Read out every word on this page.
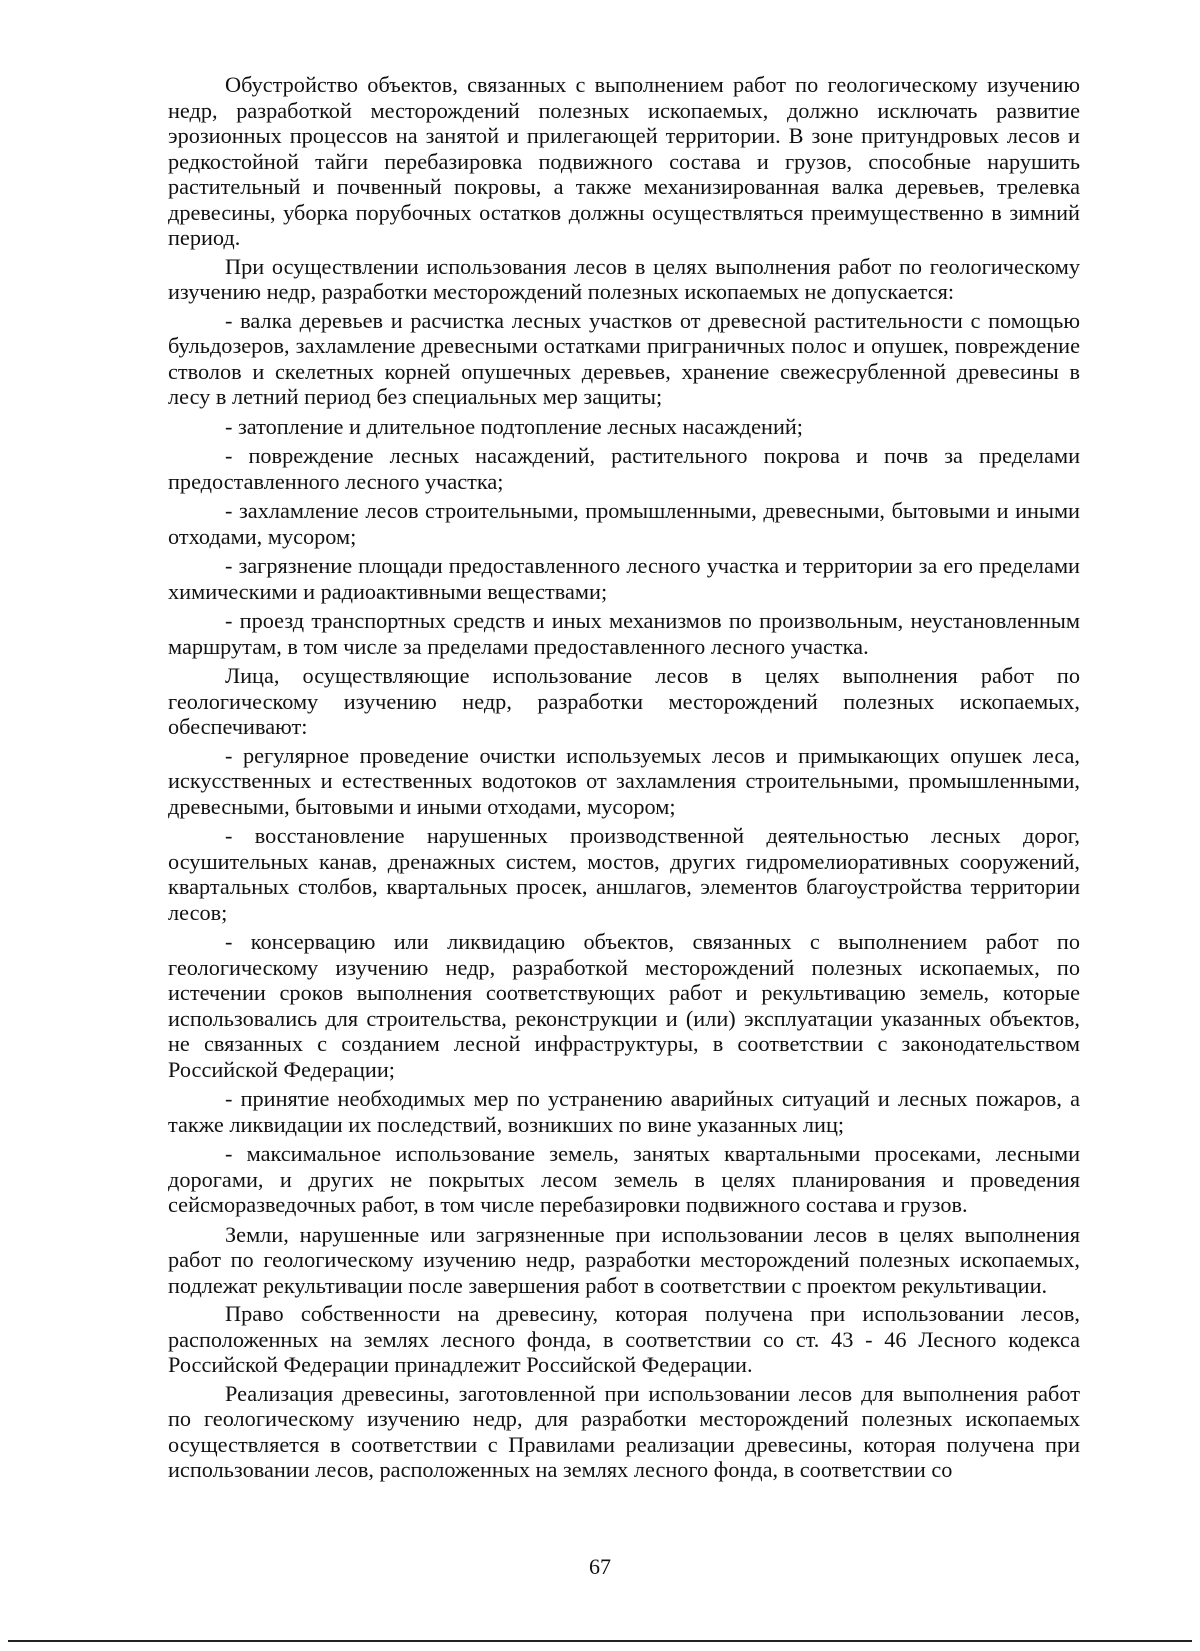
Обустройство объектов, связанных с выполнением работ по геологическому изучению недр, разработкой месторождений полезных ископаемых, должно исключать развитие эрозионных процессов на занятой и прилегающей территории. В зоне притундровых лесов и редкостойной тайги перебазировка подвижного состава и грузов, способные нарушить растительный и почвенный покровы, а также механизированная валка деревьев, трелевка древесины, уборка порубочных остатков должны осуществляться преимущественно в зимний период.

При осуществлении использования лесов в целях выполнения работ по геологическому изучению недр, разработки месторождений полезных ископаемых не допускается:

- валка деревьев и расчистка лесных участков от древесной растительности с помощью бульдозеров, захламление древесными остатками приграничных полос и опушек, повреждение стволов и скелетных корней опушечных деревьев, хранение свежесрубленной древесины в лесу в летний период без специальных мер защиты;

- затопление и длительное подтопление лесных насаждений;

- повреждение лесных насаждений, растительного покрова и почв за пределами предоставленного лесного участка;

- захламление лесов строительными, промышленными, древесными, бытовыми и иными отходами, мусором;

- загрязнение площади предоставленного лесного участка и территории за его пределами химическими и радиоактивными веществами;

- проезд транспортных средств и иных механизмов по произвольным, неустановленным маршрутам, в том числе за пределами предоставленного лесного участка.

Лица, осуществляющие использование лесов в целях выполнения работ по геологическому изучению недр, разработки месторождений полезных ископаемых, обеспечивают:

- регулярное проведение очистки используемых лесов и примыкающих опушек леса, искусственных и естественных водотоков от захламления строительными, промышленными, древесными, бытовыми и иными отходами, мусором;

- восстановление нарушенных производственной деятельностью лесных дорог, осушительных канав, дренажных систем, мостов, других гидромелиоративных сооружений, квартальных столбов, квартальных просек, аншлагов, элементов благоустройства территории лесов;

- консервацию или ликвидацию объектов, связанных с выполнением работ по геологическому изучению недр, разработкой месторождений полезных ископаемых, по истечении сроков выполнения соответствующих работ и рекультивацию земель, которые использовались для строительства, реконструкции и (или) эксплуатации указанных объектов, не связанных с созданием лесной инфраструктуры, в соответствии с законодательством Российской Федерации;

- принятие необходимых мер по устранению аварийных ситуаций и лесных пожаров, а также ликвидации их последствий, возникших по вине указанных лиц;

- максимальное использование земель, занятых квартальными просеками, лесными дорогами, и других не покрытых лесом земель в целях планирования и проведения сейсморазведочных работ, в том числе перебазировки подвижного состава и грузов.

Земли, нарушенные или загрязненные при использовании лесов в целях выполнения работ по геологическому изучению недр, разработки месторождений полезных ископаемых, подлежат рекультивации после завершения работ в соответствии с проектом рекультивации.

Право собственности на древесину, которая получена при использовании лесов, расположенных на землях лесного фонда, в соответствии со ст. 43 - 46 Лесного кодекса Российской Федерации принадлежит Российской Федерации.

Реализация древесины, заготовленной при использовании лесов для выполнения работ по геологическому изучению недр, для разработки месторождений полезных ископаемых осуществляется в соответствии с Правилами реализации древесины, которая получена при использовании лесов, расположенных на землях лесного фонда, в соответствии со

67
